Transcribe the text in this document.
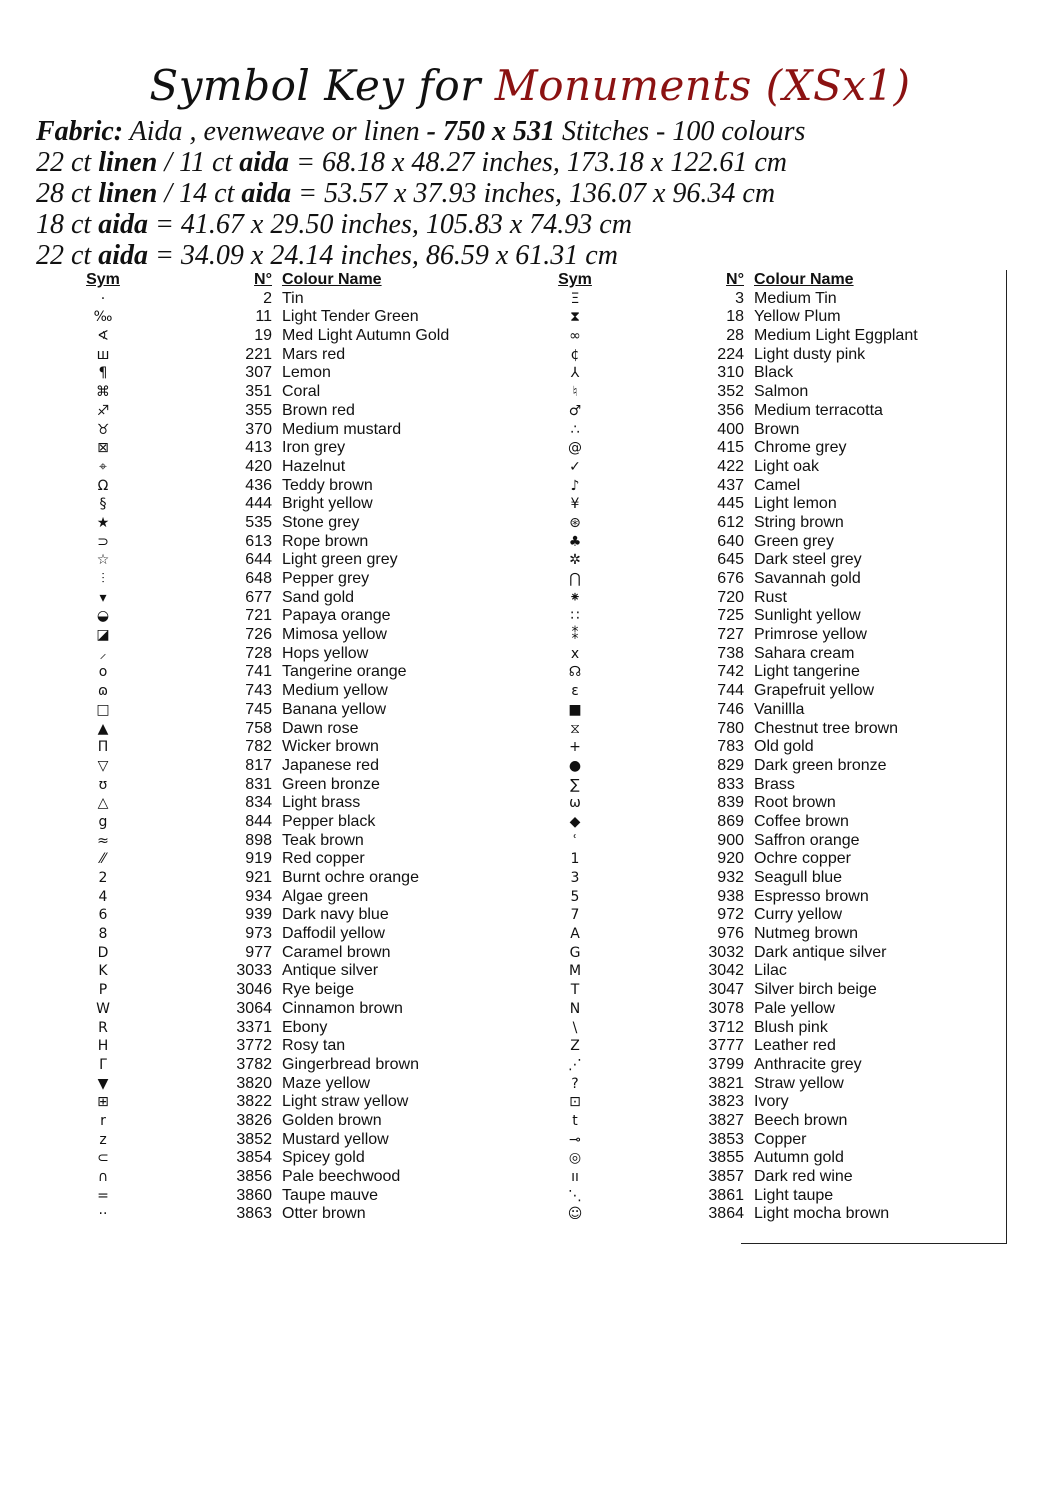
Symbol Key for Monuments (XSx1)
Fabric: Aida , evenweave or linen - 750 x 531 Stitches - 100 colours
22 ct linen / 11 ct aida = 68.18 x 48.27 inches, 173.18 x 122.61 cm
28 ct linen / 14 ct aida = 53.57 x 37.93 inches, 136.07 x 96.34 cm
18 ct aida = 41.67 x 29.50 inches, 105.83 x 74.93 cm
22 ct aida = 34.09 x 24.14 inches, 86.59 x 61.31 cm
Sym	N° Colour Name
·	2 Tin
‰	11 Light Tender Green
∢	19 Med Light Autumn Gold
ш	221 Mars red
¶	307 Lemon
⌘	351 Coral
♐	355 Brown red
♉	370 Medium mustard
⊠	413 Iron grey
⌖	420 Hazelnut
Ω	436 Teddy brown
§	444 Bright yellow
★	535 Stone grey
⊃	613 Rope brown
☆	644 Light green grey
⫶	648 Pepper grey
▾	677 Sand gold
◒	721 Papaya orange
◪	726 Mimosa yellow
⸝	728 Hops yellow
o	741 Tangerine orange
ɷ	743 Medium yellow
□	745 Banana yellow
▲	758 Dawn rose
Π	782 Wicker brown
▽	817 Japanese red
ʊ	831 Green bronze
△	834 Light brass
g	844 Pepper black
≈	898 Teak brown
⁄⁄	919 Red copper
2	921 Burnt ochre orange
4	934 Algae green
6	939 Dark navy blue
8	973 Daffodil yellow
D	977 Caramel brown
K	3033 Antique silver
P	3046 Rye beige
W	3064 Cinnamon brown
R	3371 Ebony
H	3772 Rosy tan
Γ	3782 Gingerbread brown
▼	3820 Maze yellow
⊞	3822 Light straw yellow
r	3826 Golden brown
z	3852 Mustard yellow
⊂	3854 Spicey gold
∩	3856 Pale beechwood
=	3860 Taupe mauve
··	3863 Otter brown
Sym	N° Colour Name
Ξ	3 Medium Tin
⧗	18 Yellow Plum
∞	28 Medium Light Eggplant
¢	224 Light dusty pink
⅄	310 Black
♮	352 Salmon
♂	356 Medium terracotta
∴	400 Brown
@	415 Chrome grey
✓	422 Light oak
♪	437 Camel
¥	445 Light lemon
⊛	612 String brown
♣	640 Green grey
✲	645 Dark steel grey
⋂	676 Savannah gold
⁕	720 Rust
∷	725 Sunlight yellow
⁑	727 Primrose yellow
x	738 Sahara cream
☊	742 Light tangerine
ε	744 Grapefruit yellow
■	746 Vanillla
⧖	780 Chestnut tree brown
+	783 Old gold
●	829 Dark green bronze
∑	833 Brass
ω	839 Root brown
◆	869 Coffee brown
ʿ	900 Saffron orange
1	920 Ochre copper
3	932 Seagull blue
5	938 Espresso brown
7	972 Curry yellow
A	976 Nutmeg brown
G	3032 Dark antique silver
M	3042 Lilac
T	3047 Silver birch beige
N	3078 Pale yellow
\	3712 Blush pink
Z	3777 Leather red
⋰	3799 Anthracite grey
?	3821 Straw yellow
⊡	3823 Ivory
t	3827 Beech brown
⊸	3853 Copper
◎	3855 Autumn gold
ıı	3857 Dark red wine
⋱	3861 Light taupe
☺	3864 Light mocha brown
